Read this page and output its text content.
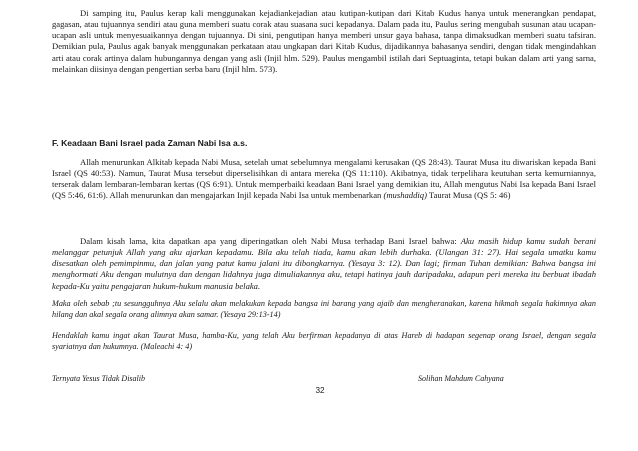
Di samping itu, Paulus kerap kali menggunakan kejadiankejadian atau kutipan-kutipan dari Kitab Kudus hanya untuk menerangkan pendapat, gagasan, atau tujuannya sendiri atau guna memberi suatu corak atau suasana suci kepadanya. Dalam pada itu, Paulus sering mengubah susunan atau ucapan-ucapan asli untuk menyesuaikannya dengan tujuannya. Di sini, pengutipan hanya memberi unsur gaya bahasa, tanpa dimaksudkan memberi suatu tafsiran. Demikian pula, Paulus agak banyak menggunakan perkataan atau ungkapan dari Kitab Kudus, dijadikannya bahasanya sendiri, dengan tidak mengindahkan arti atau corak artinya dalam hubungannya dengan yang asli (Injil hlm. 529). Paulus mengambil istilah dari Septuaginta, tetapi bukan dalam arti yang sarna, melainkan diisinya dengan pengertian serba baru (Injil hlm. 573).

F. Keadaan Bani Israel pada Zaman Nabi Isa a.s.

Allah menurunkan Alkitab kepada Nabi Musa, setelah umat sebelumnya mengalami kerusakan (QS 28:43). Taurat Musa itu diwariskan kepada Bani Israel (QS 40:53). Namun, Taurat Musa tersebut diperselisihkan di antara mereka (QS 11:110). Akibatnya, tidak terpelihara keutuhan serta kemurniannya, terserak dalam lembaran-lembaran kertas (QS 6:91). Untuk memperbaiki keadaan Bani Israel yang demikian itu, Allah mengutus Nabi Isa kepada Bani Israel (QS 5:46, 61:6). Allah menurunkan dan mengajarkan Injil kepada Nabi Isa untuk membenarkan (mushaddiq) Taurat Musa (QS 5: 46)

Dalam kisah lama, kita dapatkan apa yang diperingatkan oleh Nabi Musa terhadap Bani Israel bahwa: Aku masih hidup kamu sudah berani melanggar petunjuk Allah yang aku ajarkan kepadamu. Bila aku telah tiada, kamu akan lebih durhaka. (Ulangan 31: 27). Hai segala umatku kamu disesatkan oleh pemimpinmu, dan jalan yang patut kamu jalani itu dibongkarnya. (Yesaya 3: 12). Dan lagi; firman Tuhan demikian: Bahwa bangsa ini menghormati Aku dengan mulutnya dan dengan lidahnya juga dimuliakannya aku, tetapi hatinya jauh daripadaku, adapun peri mereka itu berbuat ibadah kepada-Ku yaitu pengajaran hukum-hukum manusia belaka.

Maka oleh sebab ;tu sesungguhnya Aku selalu akan melakukan kepada bangsa ini barang yang ajaib dan mengheranakan, karena hikmah segala hakimnya akan hilang dan akal segala orang alimnya akan samar. (Yesaya 29:13-14)

Hendaklah kamu ingat akan Taurat Musa, hamba-Ku, yang telah Aku berfirman kepadanya di atas Hareb di hadapan segenap orang Israel, dengan segala syariatnya dan hukumnya. (Maleachi 4: 4)

Ternyata Yesus Tidak Disalib	Solihan Mahdum Cahyana
32
